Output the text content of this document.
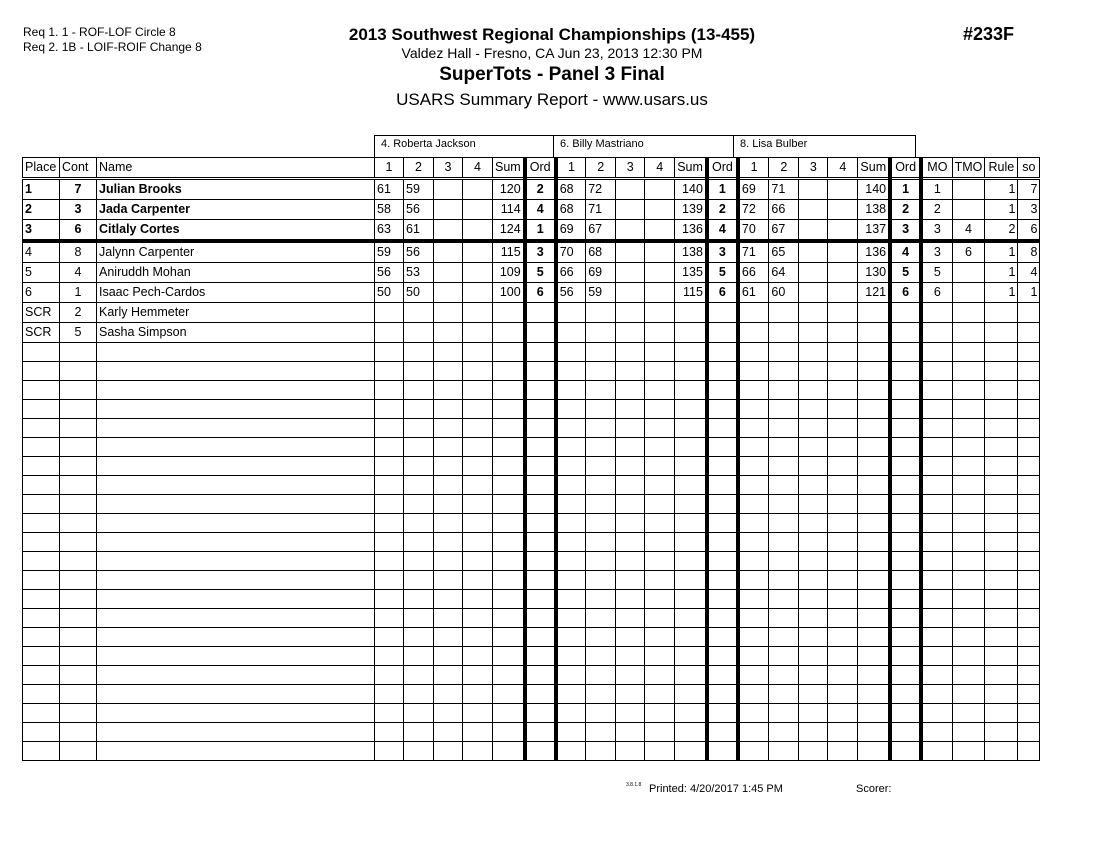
Req 1. 1 - ROF-LOF Circle 8
Req 2. 1B - LOIF-ROIF Change 8
2013 Southwest Regional Championships (13-455)
Valdez Hall - Fresno, CA Jun 23, 2013 12:30 PM
SuperTots - Panel 3 Final
USARS Summary Report - www.usars.us
#233F
4. Roberta Jackson	6. Billy Mastriano	8. Lisa Bulber
Place	Cont	Name	1	2	3	4	Sum	Ord	1	2	3	4	Sum	Ord	1	2	3	4	Sum	Ord	MO	TMO	Rule	so
1	7	Julian Brooks	61	59			120	2	68	72			140	1	69	71			140	1	1		1	7
2	3	Jada Carpenter	58	56			114	4	68	71			139	2	72	66			138	2	2		1	3
3	6	Citlaly Cortes	63	61			124	1	69	67			136	4	70	67			137	3	3	4	2	6
4	8	Jalynn Carpenter	59	56			115	3	70	68			138	3	71	65			136	4	3	6	1	8
5	4	Aniruddh Mohan	56	53			109	5	66	69			135	5	66	64			130	5	5		1	4
6	1	Isaac Pech-Cardos	50	50			100	6	56	59			115	6	61	60			121	6	6		1	1
SCR	2	Karly Hemmeter																						
SCR	5	Sasha Simpson																						

3.8.1.8 Printed: 4/20/2017 1:45 PM	Scorer:
